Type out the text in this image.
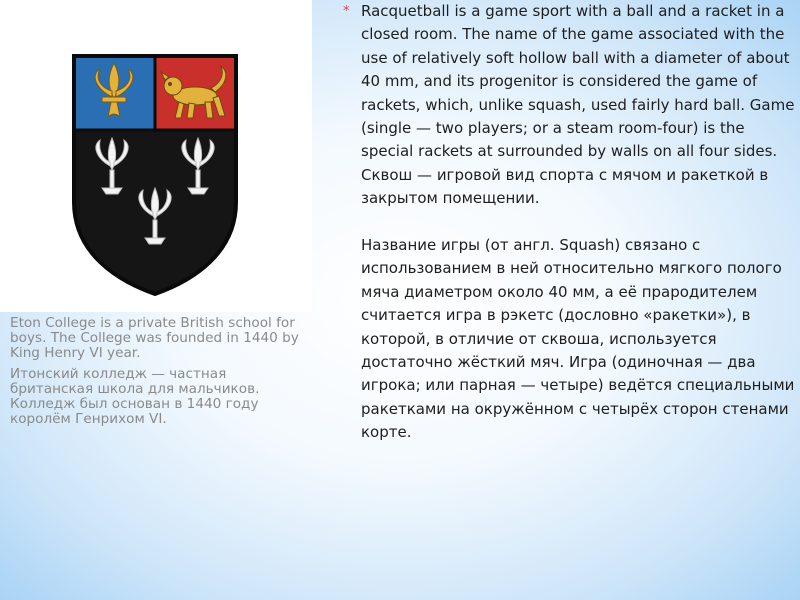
Eton College is a private British school for boys. The College was founded in 1440 by King Henry VI year.

Итонский колледж — частная британская школа для мальчиков. Колледж был основан в 1440 году королём Генрихом VI.

* Racquetball is a game sport with a ball and a racket in a closed room. The name of the game associated with the use of relatively soft hollow ball with a diameter of about 40 mm, and its progenitor is considered the game of rackets, which, unlike squash, used fairly hard ball. Game (single — two players; or a steam room-four) is the special rackets at surrounded by walls on all four sides.

Сквош — игровой вид спорта с мячом и ракеткой в закрытом помещении.

Название игры (от англ. Squash) связано с использованием в ней относительно мягкого полого мяча диаметром около 40 мм, а её прародителем считается игра в рэкетс (дословно «ракетки»), в которой, в отличие от сквоша, используется достаточно жёсткий мяч. Игра (одиночная — два игрока; или парная — четыре) ведётся специальными ракетками на окружённом с четырёх сторон стенами корте.
